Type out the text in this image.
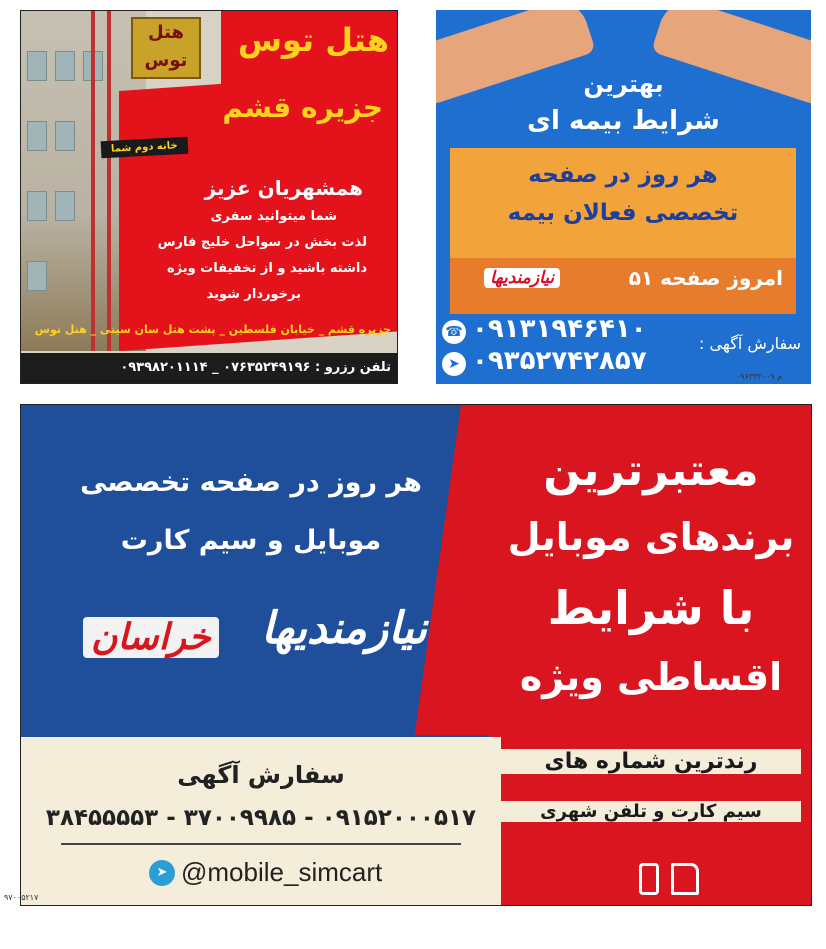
هتل توس
هتل توس
جزیره قشم
خانه دوم شما
همشهریان عزیز
شما میتوانید سفری
لذت بخش در سواحل خلیج فارس
داشته باشید و از تخفیفات ویژه
برخوردار شوید
جزیره قشم _ خیابان فلسطین _ پشت هتل سان سیتی _ هتل توس
تلفن رزرو : ۰۷۶۳۵۲۴۹۱۹۶ _ ۰۹۳۹۸۲۰۱۱۱۴
بهترین
شرایط بیمه ای
هر روز در صفحه
تخصصی فعالان بیمه
امروز صفحه ۵۱
نیازمندیها
سفارش آگهی :
☎ ۰۹۱۳۱۹۴۶۴۱۰
➤ ۰۹۳۵۲۷۴۲۸۵۷
۰۹۶۳۳۲۰۰۹ م
هر روز در صفحه تخصصی
موبایل و سیم کارت
نیازمندیها
خراسان
معتبرترین
برندهای موبایل
با شرایط
اقساطی ویژه
رندترین شماره های
سیم کارت و تلفن شهری
سفارش آگهی
۰۹۱۵۲۰۰۰۵۱۷ - ۳۷۰۰۹۹۸۵ - ۳۸۴۵۵۵۵۳
➤ @mobile_simcart
۹۷۰۰۵۲۱۷
